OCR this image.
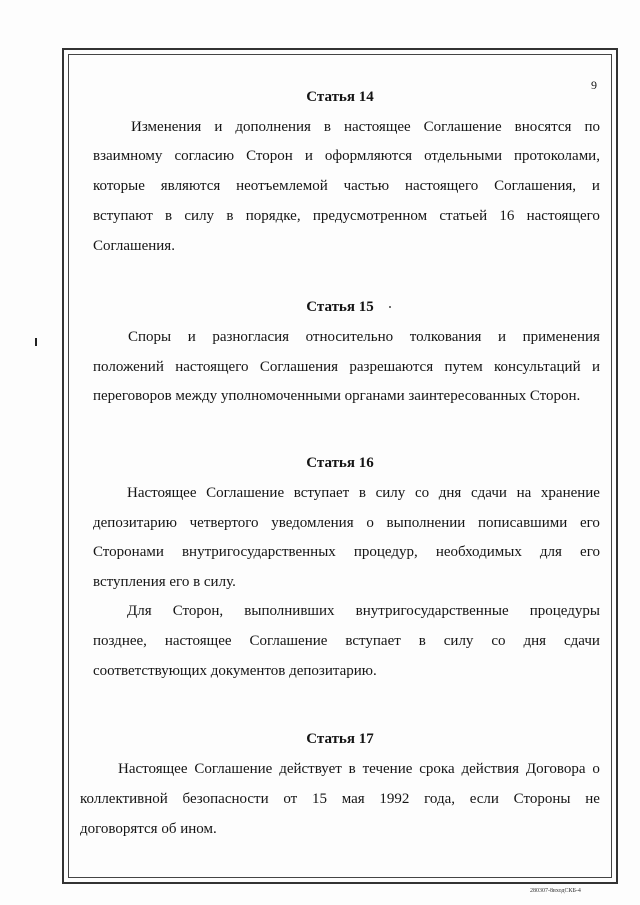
9
Статья 14
Изменения и дополнения в настоящее Соглашение вносятся по
взаимному согласию Сторон и оформляются отдельными протоколами,
которые являются неотъемлемой частью настоящего Соглашения, и
вступают в силу в порядке, предусмотренном статьей 16 настоящего
Соглашения.
Статья 15
Споры и разногласия относительно толкования и применения
положений настоящего Соглашения разрешаются путем консультаций и
переговоров между уполномоченными органами заинтересованных Сторон.
Статья 16
Настоящее Соглашение вступает в силу со дня сдачи на хранение
депозитарию четвертого уведомления о выполнении пописавшими его
Сторонами внутригосударственных процедур, необходимых для его
вступления его в силу.
Для Сторон, выполнивших внутригосударственные процедуры
позднее, настоящее Соглашение вступает в силу со дня сдачи
соответствующих документов депозитарию.
Статья 17
Настоящее Соглашение действует в течение срока действия Договора о
коллективной безопасности от 15 мая 1992 года, если Стороны не
договорятся об ином.
280307-8входСКБ-4
